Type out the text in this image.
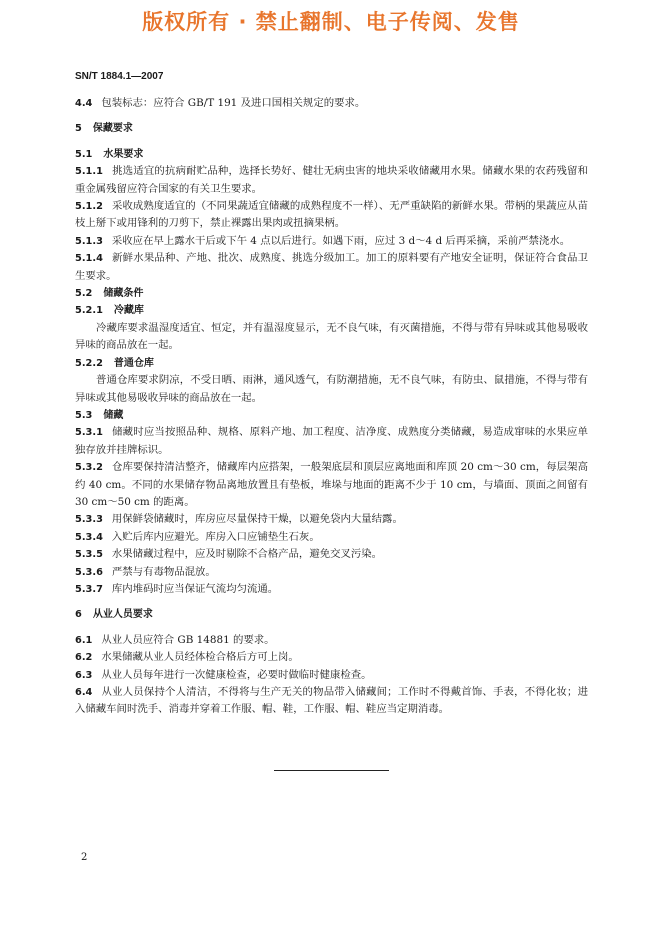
版权所有 · 禁止翻制、电子传阅、发售
SN/T 1884.1—2007

4.4 包装标志：应符合 GB/T 191 及进口国相关规定的要求。

5 保藏要求

5.1 水果要求

5.1.1 挑选适宜的抗病耐贮品种，选择长势好、健壮无病虫害的地块采收储藏用水果。储藏水果的农药残留和重金属残留应符合国家的有关卫生要求。

5.1.2 采收成熟度适宜的（不同果蔬适宜储藏的成熟程度不一样）、无严重缺陷的新鲜水果。带柄的果蔬应从苗枝上掰下或用锋利的刀剪下，禁止裸露出果肉或扭摘果柄。

5.1.3 采收应在早上露水干后或下午 4 点以后进行。如遇下雨，应过 3 d～4 d 后再采摘，采前严禁浇水。

5.1.4 新鲜水果品种、产地、批次、成熟度、挑选分级加工。加工的原料要有产地安全证明，保证符合食品卫生要求。

5.2 储藏条件

5.2.1 冷藏库

冷藏库要求温湿度适宜、恒定，并有温湿度显示，无不良气味，有灭菌措施，不得与带有异味或其他易吸收异味的商品放在一起。

5.2.2 普通仓库

普通仓库要求阴凉，不受日晒、雨淋，通风透气，有防潮措施，无不良气味，有防虫、鼠措施，不得与带有异味或其他易吸收异味的商品放在一起。

5.3 储藏

5.3.1 储藏时应当按照品种、规格、原料产地、加工程度、洁净度、成熟度分类储藏，易造成窜味的水果应单独存放并挂牌标识。

5.3.2 仓库要保持清洁整齐，储藏库内应搭架，一般架底层和顶层应离地面和库顶 20 cm～30 cm，每层架高约 40 cm。不同的水果储存物品离地放置且有垫板，堆垛与地面的距离不少于 10 cm，与墙面、顶面之间留有 30 cm～50 cm 的距离。

5.3.3 用保鲜袋储藏时，库房应尽量保持干燥，以避免袋内大量结露。

5.3.4 入贮后库内应避光。库房入口应铺垫生石灰。

5.3.5 水果储藏过程中，应及时剔除不合格产品，避免交叉污染。

5.3.6 严禁与有毒物品混放。

5.3.7 库内堆码时应当保证气流均匀流通。

6 从业人员要求

6.1 从业人员应符合 GB 14881 的要求。

6.2 水果储藏从业人员经体检合格后方可上岗。

6.3 从业人员每年进行一次健康检查，必要时做临时健康检查。

6.4 从业人员保持个人清洁，不得将与生产无关的物品带入储藏间；工作时不得戴首饰、手表，不得化妆；进入储藏车间时洗手、消毒并穿着工作服、帽、鞋，工作服、帽、鞋应当定期消毒。

2
